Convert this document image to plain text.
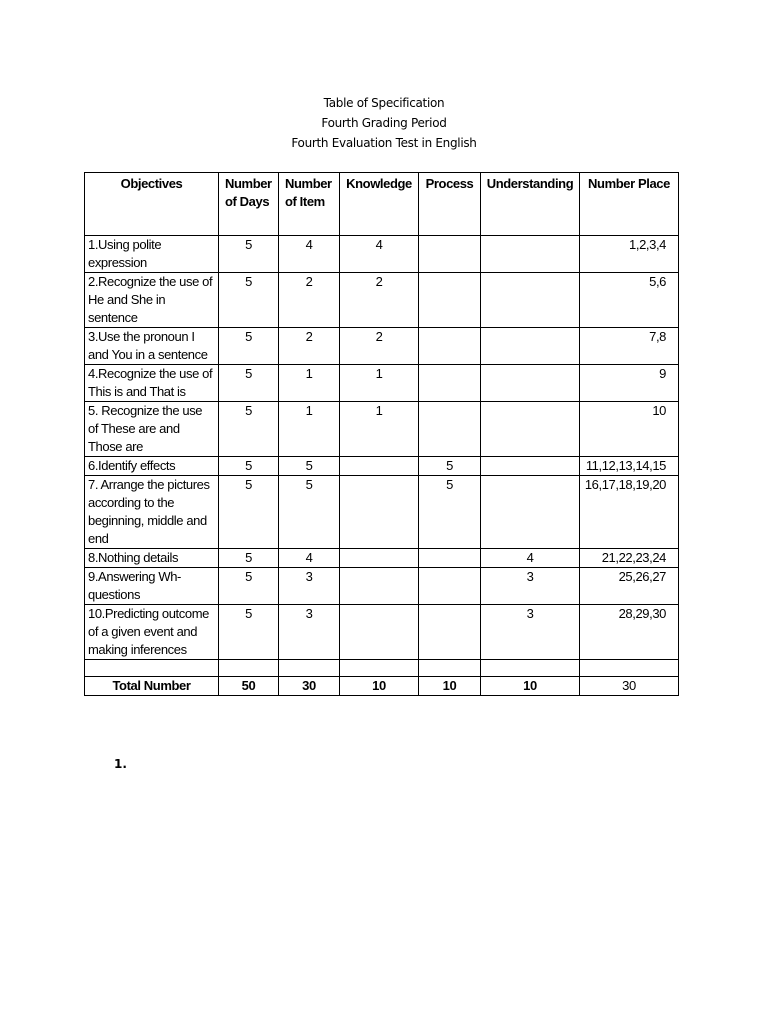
Table of Specification
Fourth Grading Period
Fourth Evaluation Test in English
Objectives	Number of Days	Number of Item	Knowledge	Process	Understanding	Number Place
1.Using polite expression	5	4	4			1,2,3,4
2.Recognize the use of He and She in sentence	5	2	2			5,6
3.Use the pronoun I and You in a sentence	5	2	2			7,8
4.Recognize the use of This is and That is	5	1	1			9
5. Recognize the use of These are and Those are	5	1	1			10
6.Identify effects	5	5		5		11,12,13,14,15
7. Arrange the pictures according to the beginning, middle and end	5	5		5		16,17,18,19,20
8.Nothing details	5	4			4	21,22,23,24
9.Answering Wh-questions	5	3			3	25,26,27
10.Predicting outcome of a given event and making inferences	5	3			3	28,29,30

Total Number	50	30	10	10	10	30
1.
